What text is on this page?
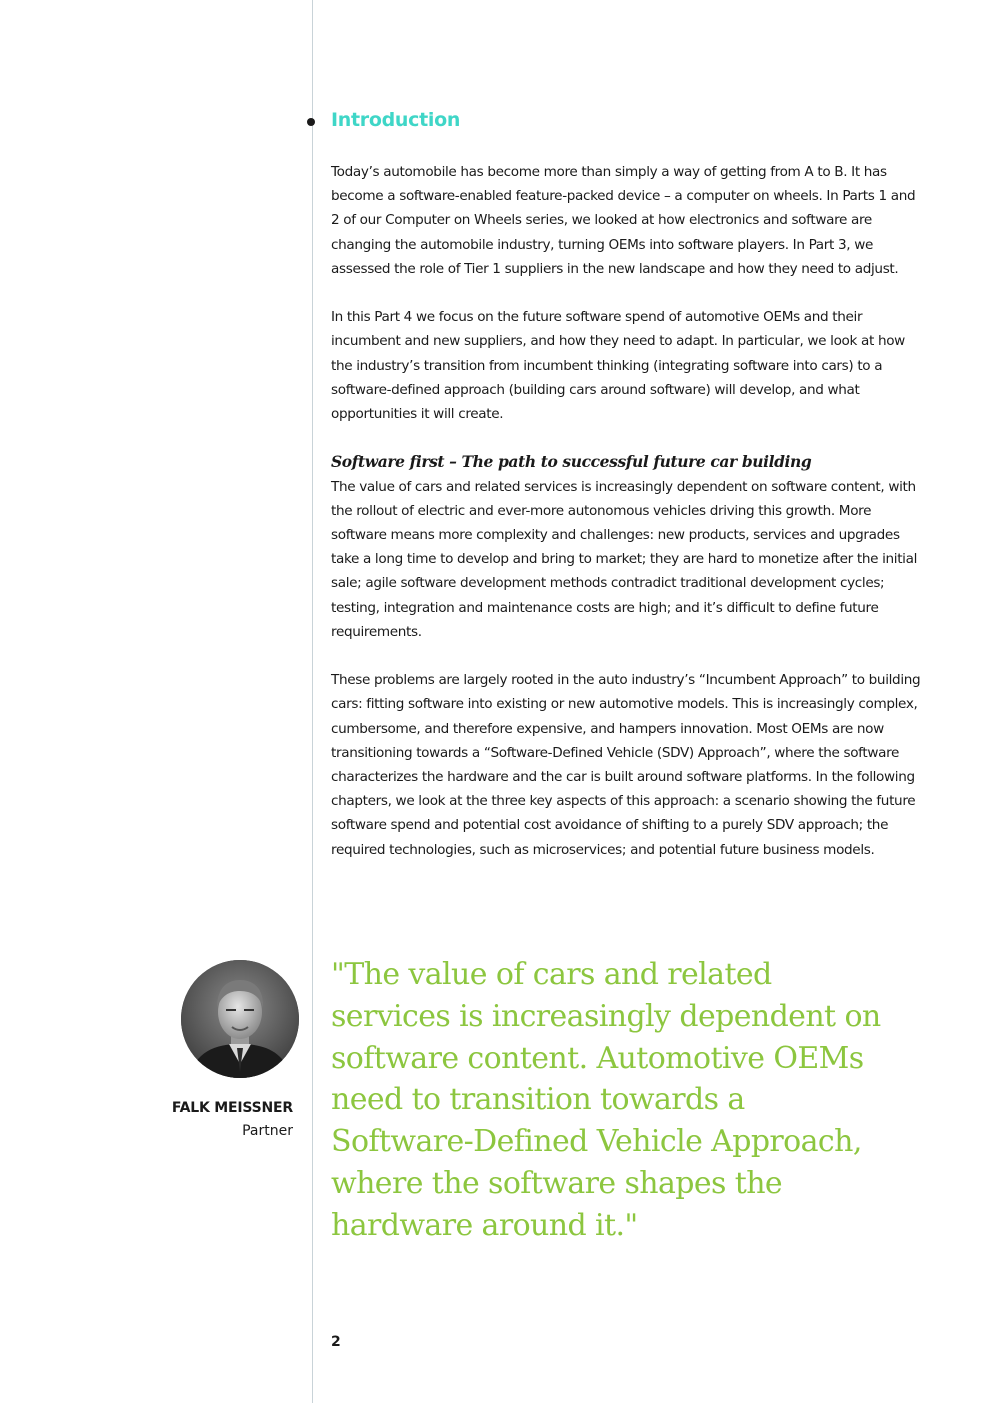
Introduction

Today’s automobile has become more than simply a way of getting from A to B. It has become a software-enabled feature-packed device – a computer on wheels. In Parts 1 and 2 of our Computer on Wheels series, we looked at how electronics and software are changing the automobile industry, turning OEMs into software players. In Part 3, we assessed the role of Tier 1 suppliers in the new landscape and how they need to adjust.

In this Part 4 we focus on the future software spend of automotive OEMs and their incumbent and new suppliers, and how they need to adapt. In particular, we look at how the industry’s transition from incumbent thinking (integrating software into cars) to a software-defined approach (building cars around software) will develop, and what opportunities it will create.

Software first – The path to successful future car building

The value of cars and related services is increasingly dependent on software content, with the rollout of electric and ever-more autonomous vehicles driving this growth. More software means more complexity and challenges: new products, services and upgrades take a long time to develop and bring to market; they are hard to monetize after the initial sale; agile software development methods contradict traditional development cycles; testing, integration and maintenance costs are high; and it’s difficult to define future requirements.

These problems are largely rooted in the auto industry’s “Incumbent Approach” to building cars: fitting software into existing or new automotive models. This is increasingly complex, cumbersome, and therefore expensive, and hampers innovation. Most OEMs are now transitioning towards a “Software-Defined Vehicle (SDV) Approach”, where the software characterizes the hardware and the car is built around software platforms. In the following chapters, we look at the three key aspects of this approach: a scenario showing the future software spend and potential cost avoidance of shifting to a purely SDV approach; the required technologies, such as microservices; and potential future business models.

FALK MEISSNER

Partner

"The value of cars and related services is increasingly dependent on software content. Automotive OEMs need to transition towards a Software-Defined Vehicle Approach, where the software shapes the hardware around it."

2
